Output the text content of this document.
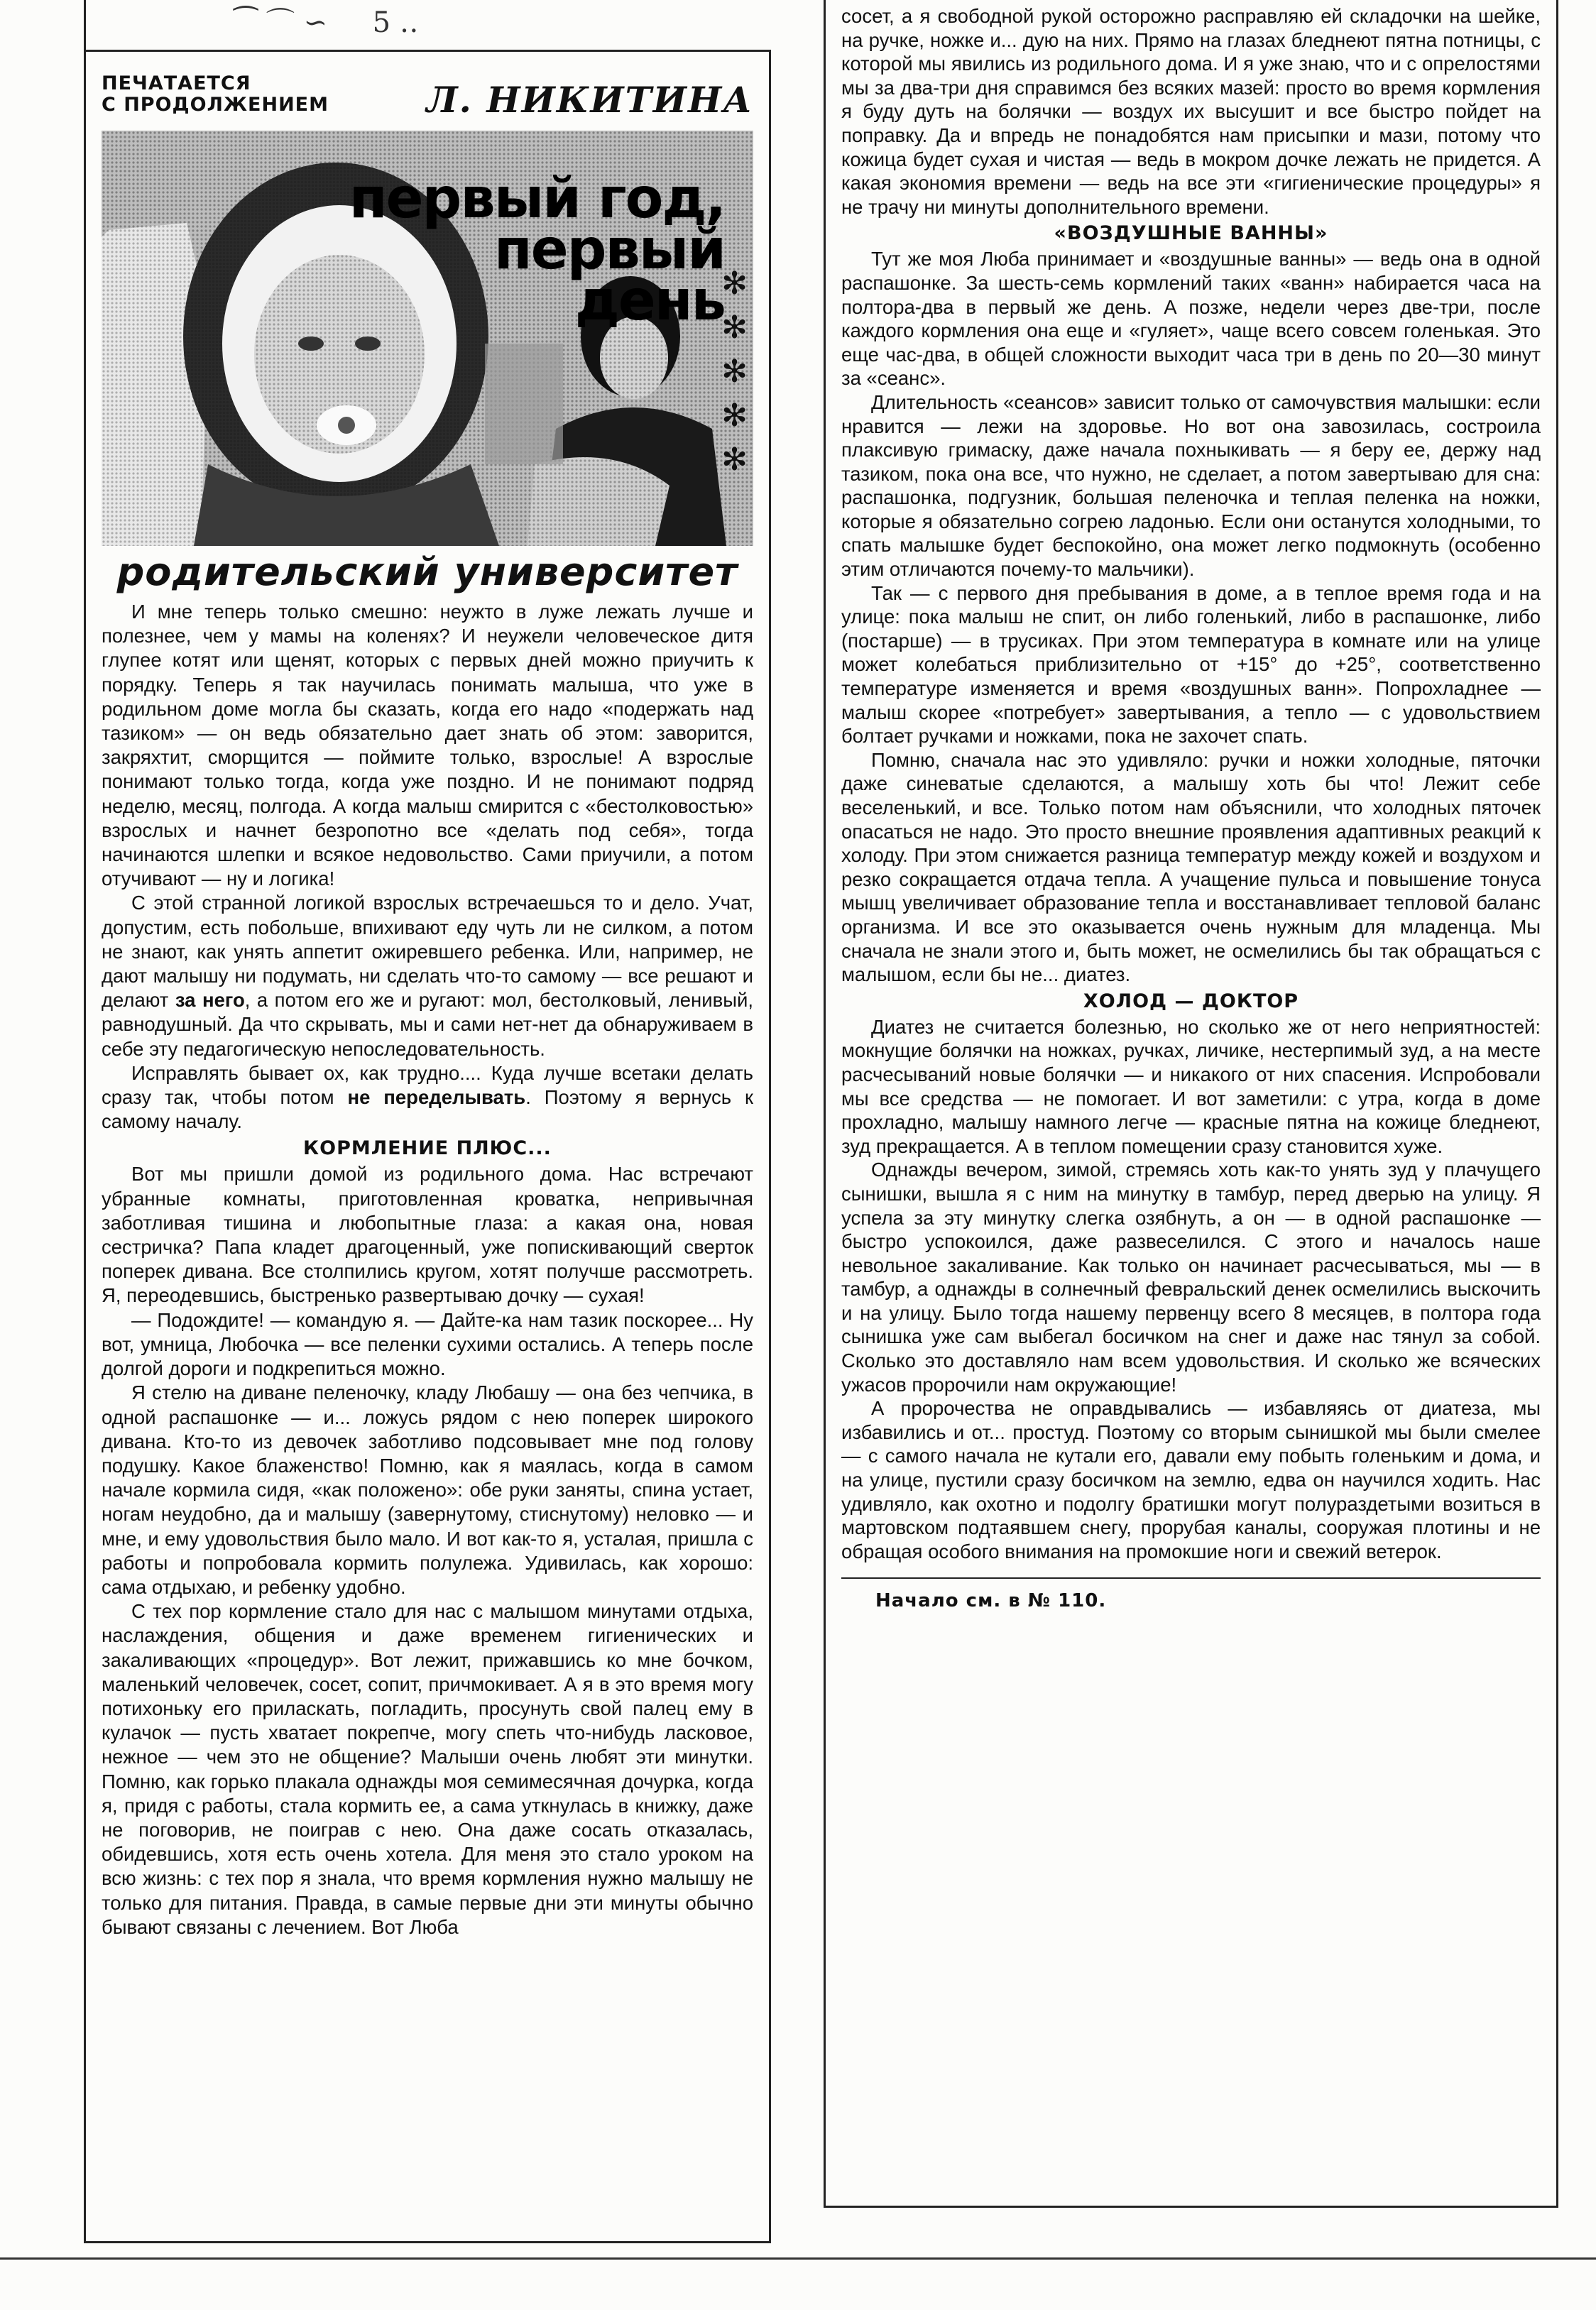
⁀ ⌒ ∽     5 ‥
ПЕЧАТАЕТСЯ
С ПРОДОЛЖЕНИЕМ	Л. НИКИТИНА
первый год,
первый
день
✻
✻
✻
✻
✻
родительский университет

И мне теперь только смешно: неужто в луже лежать лучше и полезнее, чем у мамы на коленях? И неужели человеческое дитя глупее котят или щенят, которых с первых дней можно приучить к порядку. Теперь я так научилась понимать малыша, что уже в родильном доме могла бы сказать, когда его надо «подержать над тазиком» — он ведь обязательно дает знать об этом: заворится, закряхтит, сморщится — поймите только, взрослые! А взрослые понимают только тогда, когда уже поздно. И не понимают подряд неделю, месяц, полгода. А когда малыш смирится с «бестолковостью» взрослых и начнет безропотно все «делать под себя», тогда начинаются шлепки и всякое недовольство. Сами приучили, а потом отучивают — ну и логика!

С этой странной логикой взрослых встречаешься то и дело. Учат, допустим, есть побольше, впихивают еду чуть ли не силком, а потом не знают, как унять аппетит ожиревшего ребенка. Или, например, не дают малышу ни подумать, ни сделать что-то самому — все решают и делают за него, а потом его же и ругают: мол, бестолковый, ленивый, равнодушный. Да что скрывать, мы и сами нет-нет да обнаруживаем в себе эту педагогическую непоследовательность.

Исправлять бывает ох, как трудно.... Куда лучше всетаки делать сразу так, чтобы потом не переделывать. Поэтому я вернусь к самому началу.

КОРМЛЕНИЕ ПЛЮС...

Вот мы пришли домой из родильного дома. Нас встречают убранные комнаты, приготовленная кроватка, непривычная заботливая тишина и любопытные глаза: а какая она, новая сестричка? Папа кладет драгоценный, уже попискивающий сверток поперек дивана. Все столпились кругом, хотят получше рассмотреть. Я, переодевшись, быстренько развертываю дочку — сухая!

— Подождите! — командую я. — Дайте-ка нам тазик поскорее... Ну вот, умница, Любочка — все пеленки сухими остались. А теперь после долгой дороги и подкрепиться можно.

Я стелю на диване пеленочку, кладу Любашу — она без чепчика, в одной распашонке — и... ложусь рядом с нею поперек широкого дивана. Кто-то из девочек заботливо подсовывает мне под голову подушку. Какое блаженство! Помню, как я маялась, когда в самом начале кормила сидя, «как положено»: обе руки заняты, спина устает, ногам неудобно, да и малышу (завернутому, стиснутому) неловко — и мне, и ему удовольствия было мало. И вот как-то я, усталая, пришла с работы и попробовала кормить полулежа. Удивилась, как хорошо: сама отдыхаю, и ребенку удобно.

С тех пор кормление стало для нас с малышом минутами отдыха, наслаждения, общения и даже временем гигиенических и закаливающих «процедур». Вот лежит, прижавшись ко мне бочком, маленький человечек, сосет, сопит, причмокивает. А я в это время могу потихоньку его приласкать, погладить, просунуть свой палец ему в кулачок — пусть хватает покрепче, могу спеть что-нибудь ласковое, нежное — чем это не общение? Малыши очень любят эти минутки. Помню, как горько плакала однажды моя семимесячная дочурка, когда я, придя с работы, стала кормить ее, а сама уткнулась в книжку, даже не поговорив, не поиграв с нею. Она даже сосать отказалась, обидевшись, хотя есть очень хотела. Для меня это стало уроком на всю жизнь: с тех пор я знала, что время кормления нужно малышу не только для питания. Правда, в самые первые дни эти минуты обычно бывают связаны с лечением. Вот Люба

сосет, а я свободной рукой осторожно расправляю ей складочки на шейке, на ручке, ножке и... дую на них. Прямо на глазах бледнеют пятна потницы, с которой мы явились из родильного дома. И я уже знаю, что и с опрелостями мы за два-три дня справимся без всяких мазей: просто во время кормления я буду дуть на болячки — воздух их высушит и все быстро пойдет на поправку. Да и впредь не понадобятся нам присыпки и мази, потому что кожица будет сухая и чистая — ведь в мокром дочке лежать не придется. А какая экономия времени — ведь на все эти «гигиенические процедуры» я не трачу ни минуты дополнительного времени.

«ВОЗДУШНЫЕ ВАННЫ»

Тут же моя Люба принимает и «воздушные ванны» — ведь она в одной распашонке. За шесть-семь кормлений таких «ванн» набирается часа на полтора-два в первый же день. А позже, недели через две-три, после каждого кормления она еще и «гуляет», чаще всего совсем голенькая. Это еще час-два, в общей сложности выходит часа три в день по 20—30 минут за «сеанс».

Длительность «сеансов» зависит только от самочувствия малышки: если нравится — лежи на здоровье. Но вот она завозилась, состроила плаксивую гримаску, даже начала похныкивать — я беру ее, держу над тазиком, пока она все, что нужно, не сделает, а потом завертываю для сна: распашонка, подгузник, большая пеленочка и теплая пеленка на ножки, которые я обязательно согрею ладонью. Если они останутся холодными, то спать малышке будет беспокойно, она может легко подмокнуть (особенно этим отличаются почему-то мальчики).

Так — с первого дня пребывания в доме, а в теплое время года и на улице: пока малыш не спит, он либо голенький, либо в распашонке, либо (постарше) — в трусиках. При этом температура в комнате или на улице может колебаться приблизительно от +15° до +25°, соответственно температуре изменяется и время «воздушных ванн». Попрохладнее — малыш скорее «потребует» завертывания, а тепло — с удовольствием болтает ручками и ножками, пока не захочет спать.

Помню, сначала нас это удивляло: ручки и ножки холодные, пяточки даже синеватые сделаются, а малышу хоть бы что! Лежит себе веселенький, и все. Только потом нам объяснили, что холодных пяточек опасаться не надо. Это просто внешние проявления адаптивных реакций к холоду. При этом снижается разница температур между кожей и воздухом и резко сокращается отдача тепла. А учащение пульса и повышение тонуса мышц увеличивает образование тепла и восстанавливает тепловой баланс организма. И все это оказывается очень нужным для младенца. Мы сначала не знали этого и, быть может, не осмелились бы так обращаться с малышом, если бы не... диатез.

ХОЛОД — ДОКТОР

Диатез не считается болезнью, но сколько же от него неприятностей: мокнущие болячки на ножках, ручках, личике, нестерпимый зуд, а на месте расчесываний новые болячки — и никакого от них спасения. Испробовали мы все средства — не помогает. И вот заметили: с утра, когда в доме прохладно, малышу намного легче — красные пятна на кожице бледнеют, зуд прекращается. А в теплом помещении сразу становится хуже.

Однажды вечером, зимой, стремясь хоть как-то унять зуд у плачущего сынишки, вышла я с ним на минутку в тамбур, перед дверью на улицу. Я успела за эту минутку слегка озябнуть, а он — в одной распашонке — быстро успокоился, даже развеселился. С этого и началось наше невольное закаливание. Как только он начинает расчесываться, мы — в тамбур, а однажды в солнечный февральский денек осмелились выскочить и на улицу. Было тогда нашему первенцу всего 8 месяцев, в полтора года сынишка уже сам выбегал босичком на снег и даже нас тянул за собой. Сколько это доставляло нам всем удовольствия. И сколько же всяческих ужасов пророчили нам окружающие!

А пророчества не оправдывались — избавляясь от диатеза, мы избавились и от... простуд. Поэтому со вторым сынишкой мы были смелее — с самого начала не кутали его, давали ему побыть голеньким и дома, и на улице, пустили сразу босичком на землю, едва он научился ходить. Нас удивляло, как охотно и подолгу братишки могут полураздетыми возиться в мартовском подтаявшем снегу, прорубая каналы, сооружая плотины и не обращая особого внимания на промокшие ноги и свежий ветерок.

Начало см. в № 110.
